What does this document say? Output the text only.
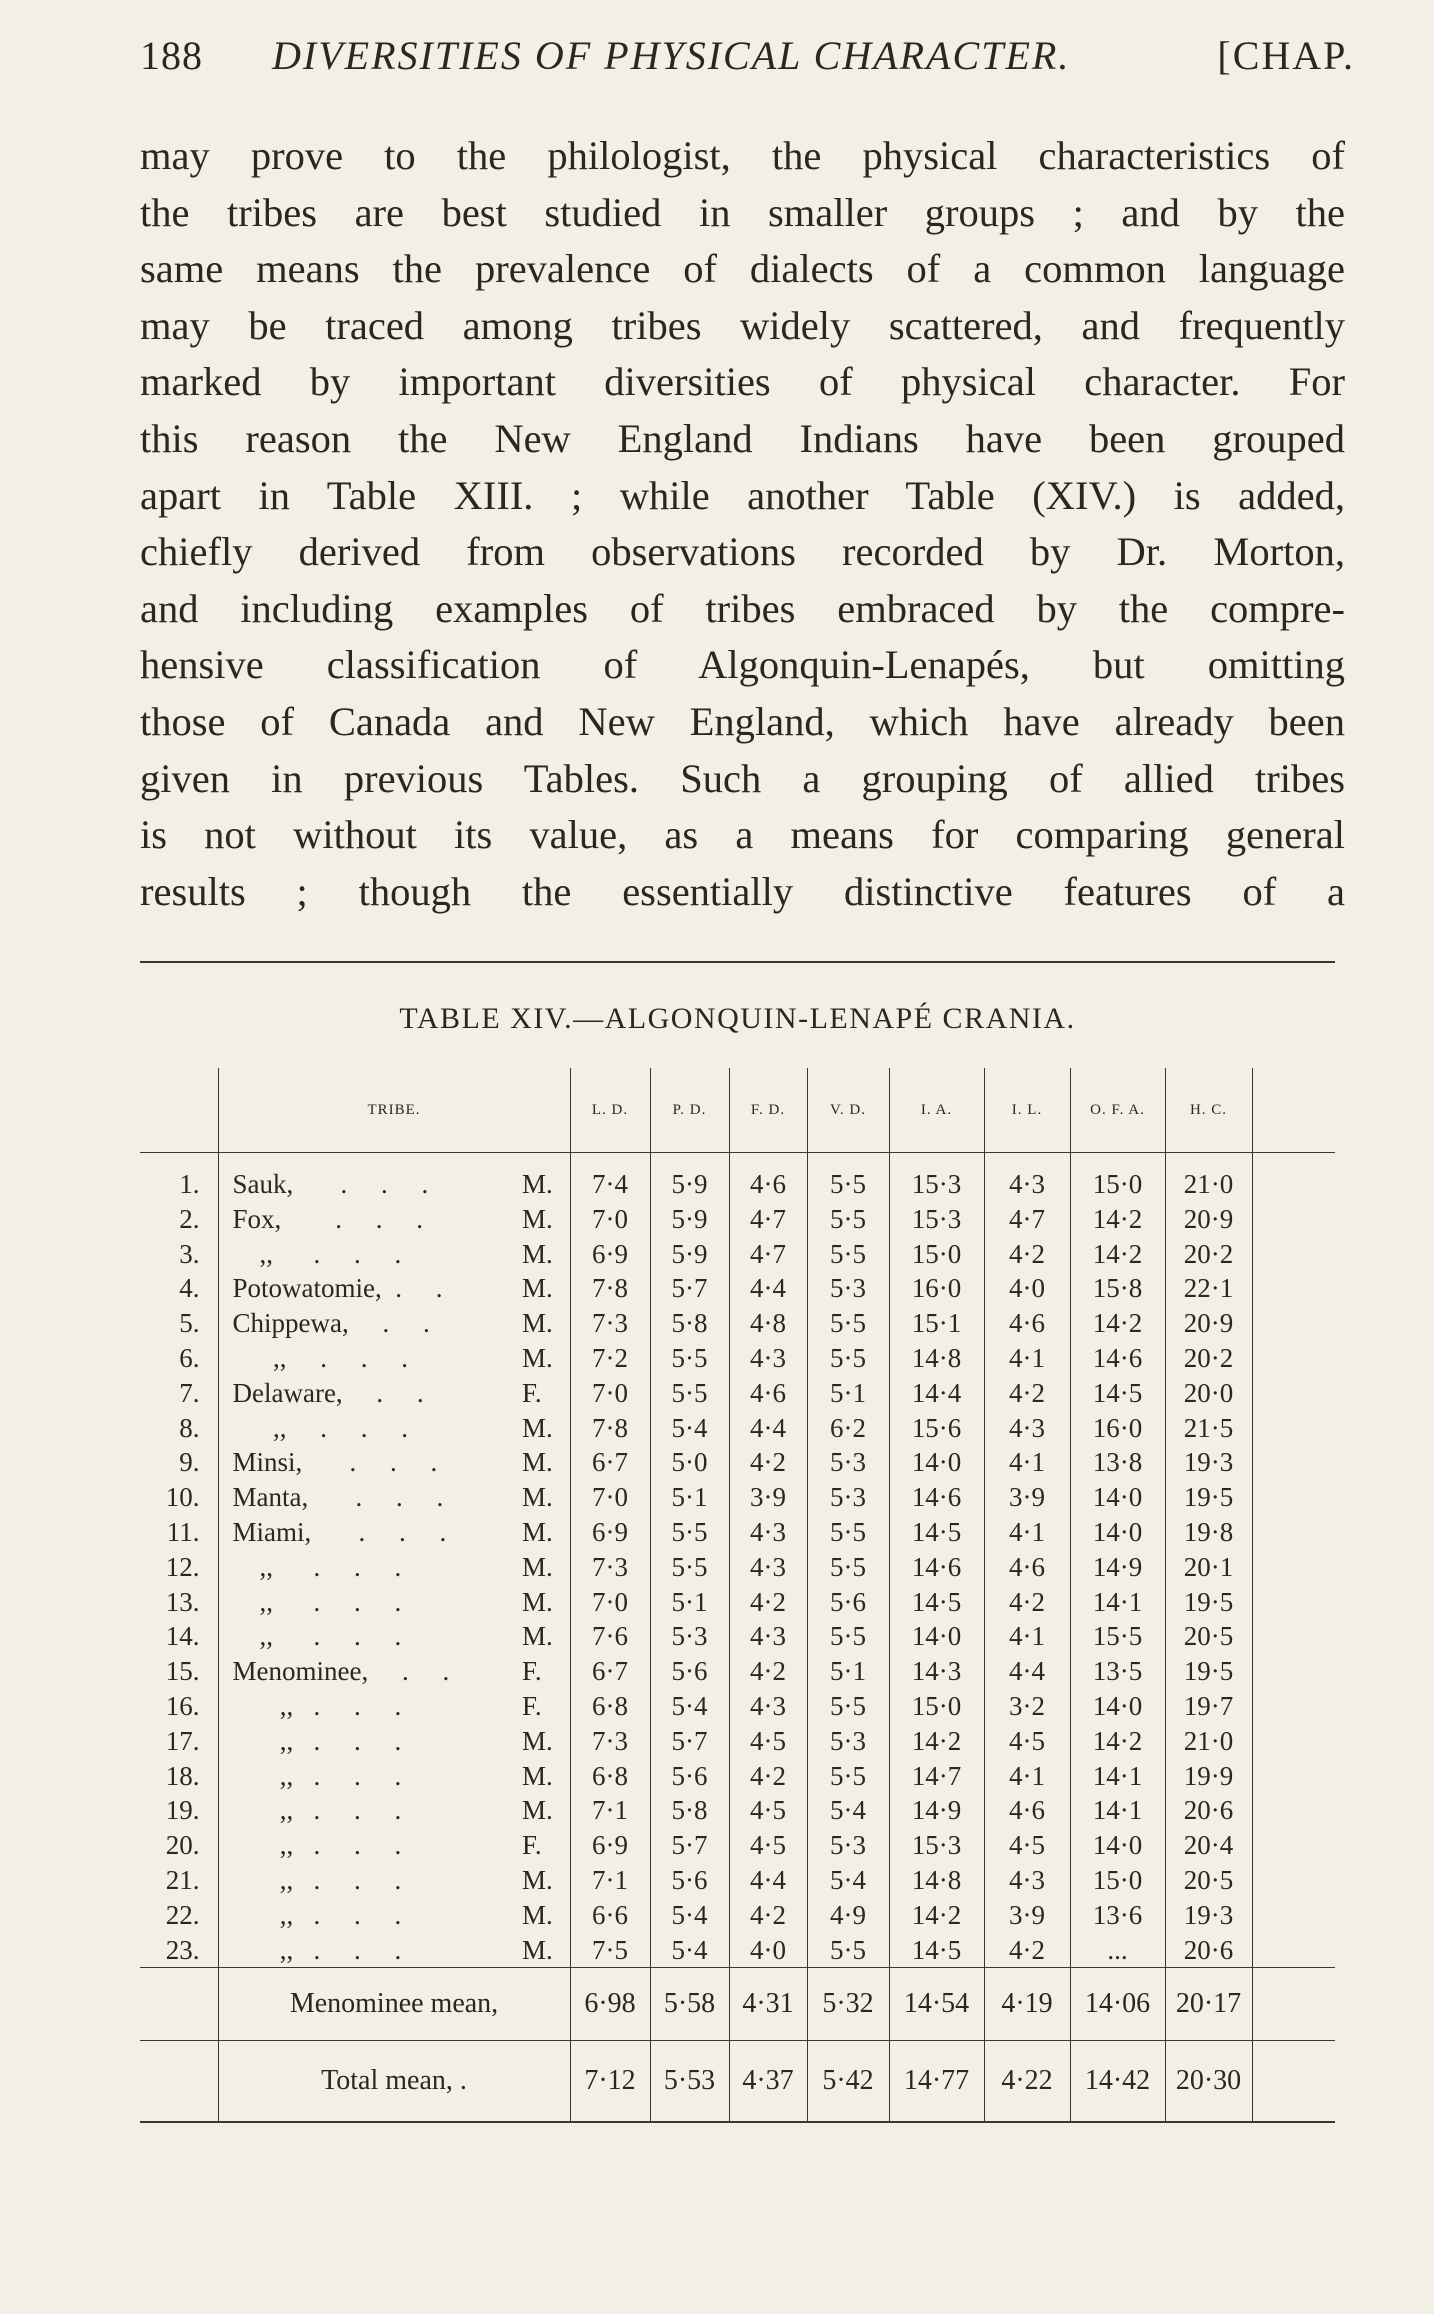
188 DIVERSITIES OF PHYSICAL CHARACTER.	[CHAP.
may prove to the philologist, the physical characteristics of
the tribes are best studied in smaller groups ; and by the
same means the prevalence of dialects of a common language
may be traced among tribes widely scattered, and frequently
marked by important diversities of physical character. For
this reason the New England Indians have been grouped
apart in Table XIII. ; while another Table (XIV.) is added,
chiefly derived from observations recorded by Dr. Morton,
and including examples of tribes embraced by the compre-
hensive classification of Algonquin-Lenapés, but omitting
those of Canada and New England, which have already been
given in previous Tables. Such a grouping of allied tribes
is not without its value, as a means for comparing general
results ; though the essentially distinctive features of a
TABLE XIV.—ALGONQUIN-LENAPÉ CRANIA.
	TRIBE.		L. D.	P. D.	F. D.	V. D.	I. A.	I. L.	O. F. A.	H. C.	
1.	Sauk,       .     .     .	M.	7·4	5·9	4·6	5·5	15·3	4·3	15·0	21·0	
2.	Fox,        .     .     .	M.	7·0	5·9	4·7	5·5	15·3	4·7	14·2	20·9	
3.	,,      .     .     .	M.	6·9	5·9	4·7	5·5	15·0	4·2	14·2	20·2	
4.	Potowatomie,  .     .	M.	7·8	5·7	4·4	5·3	16·0	4·0	15·8	22·1	
5.	Chippewa,     .     .	M.	7·3	5·8	4·8	5·5	15·1	4·6	14·2	20·9	
6.	,,     .     .     .	M.	7·2	5·5	4·3	5·5	14·8	4·1	14·6	20·2	
7.	Delaware,     .     .	F.	7·0	5·5	4·6	5·1	14·4	4·2	14·5	20·0	
8.	,,     .     .     .	M.	7·8	5·4	4·4	6·2	15·6	4·3	16·0	21·5	
9.	Minsi,       .     .     .	M.	6·7	5·0	4·2	5·3	14·0	4·1	13·8	19·3	
10.	Manta,       .     .     .	M.	7·0	5·1	3·9	5·3	14·6	3·9	14·0	19·5	
11.	Miami,       .     .     .	M.	6·9	5·5	4·3	5·5	14·5	4·1	14·0	19·8	
12.	,,      .     .     .	M.	7·3	5·5	4·3	5·5	14·6	4·6	14·9	20·1	
13.	,,      .     .     .	M.	7·0	5·1	4·2	5·6	14·5	4·2	14·1	19·5	
14.	,,      .     .     .	M.	7·6	5·3	4·3	5·5	14·0	4·1	15·5	20·5	
15.	Menominee,     .     .	F.	6·7	5·6	4·2	5·1	14·3	4·4	13·5	19·5	
16.	,,   .     .     .	F.	6·8	5·4	4·3	5·5	15·0	3·2	14·0	19·7	
17.	,,   .     .     .	M.	7·3	5·7	4·5	5·3	14·2	4·5	14·2	21·0	
18.	,,   .     .     .	M.	6·8	5·6	4·2	5·5	14·7	4·1	14·1	19·9	
19.	,,   .     .     .	M.	7·1	5·8	4·5	5·4	14·9	4·6	14·1	20·6	
20.	,,   .     .     .	F.	6·9	5·7	4·5	5·3	15·3	4·5	14·0	20·4	
21.	,,   .     .     .	M.	7·1	5·6	4·4	5·4	14·8	4·3	15·0	20·5	
22.	,,   .     .     .	M.	6·6	5·4	4·2	4·9	14·2	3·9	13·6	19·3	
23.	,,   .     .     .	M.	7·5	5·4	4·0	5·5	14·5	4·2	...	20·6	
	Menominee mean,		6·98	5·58	4·31	5·32	14·54	4·19	14·06	20·17	
	Total mean, .		7·12	5·53	4·37	5·42	14·77	4·22	14·42	20·30	
